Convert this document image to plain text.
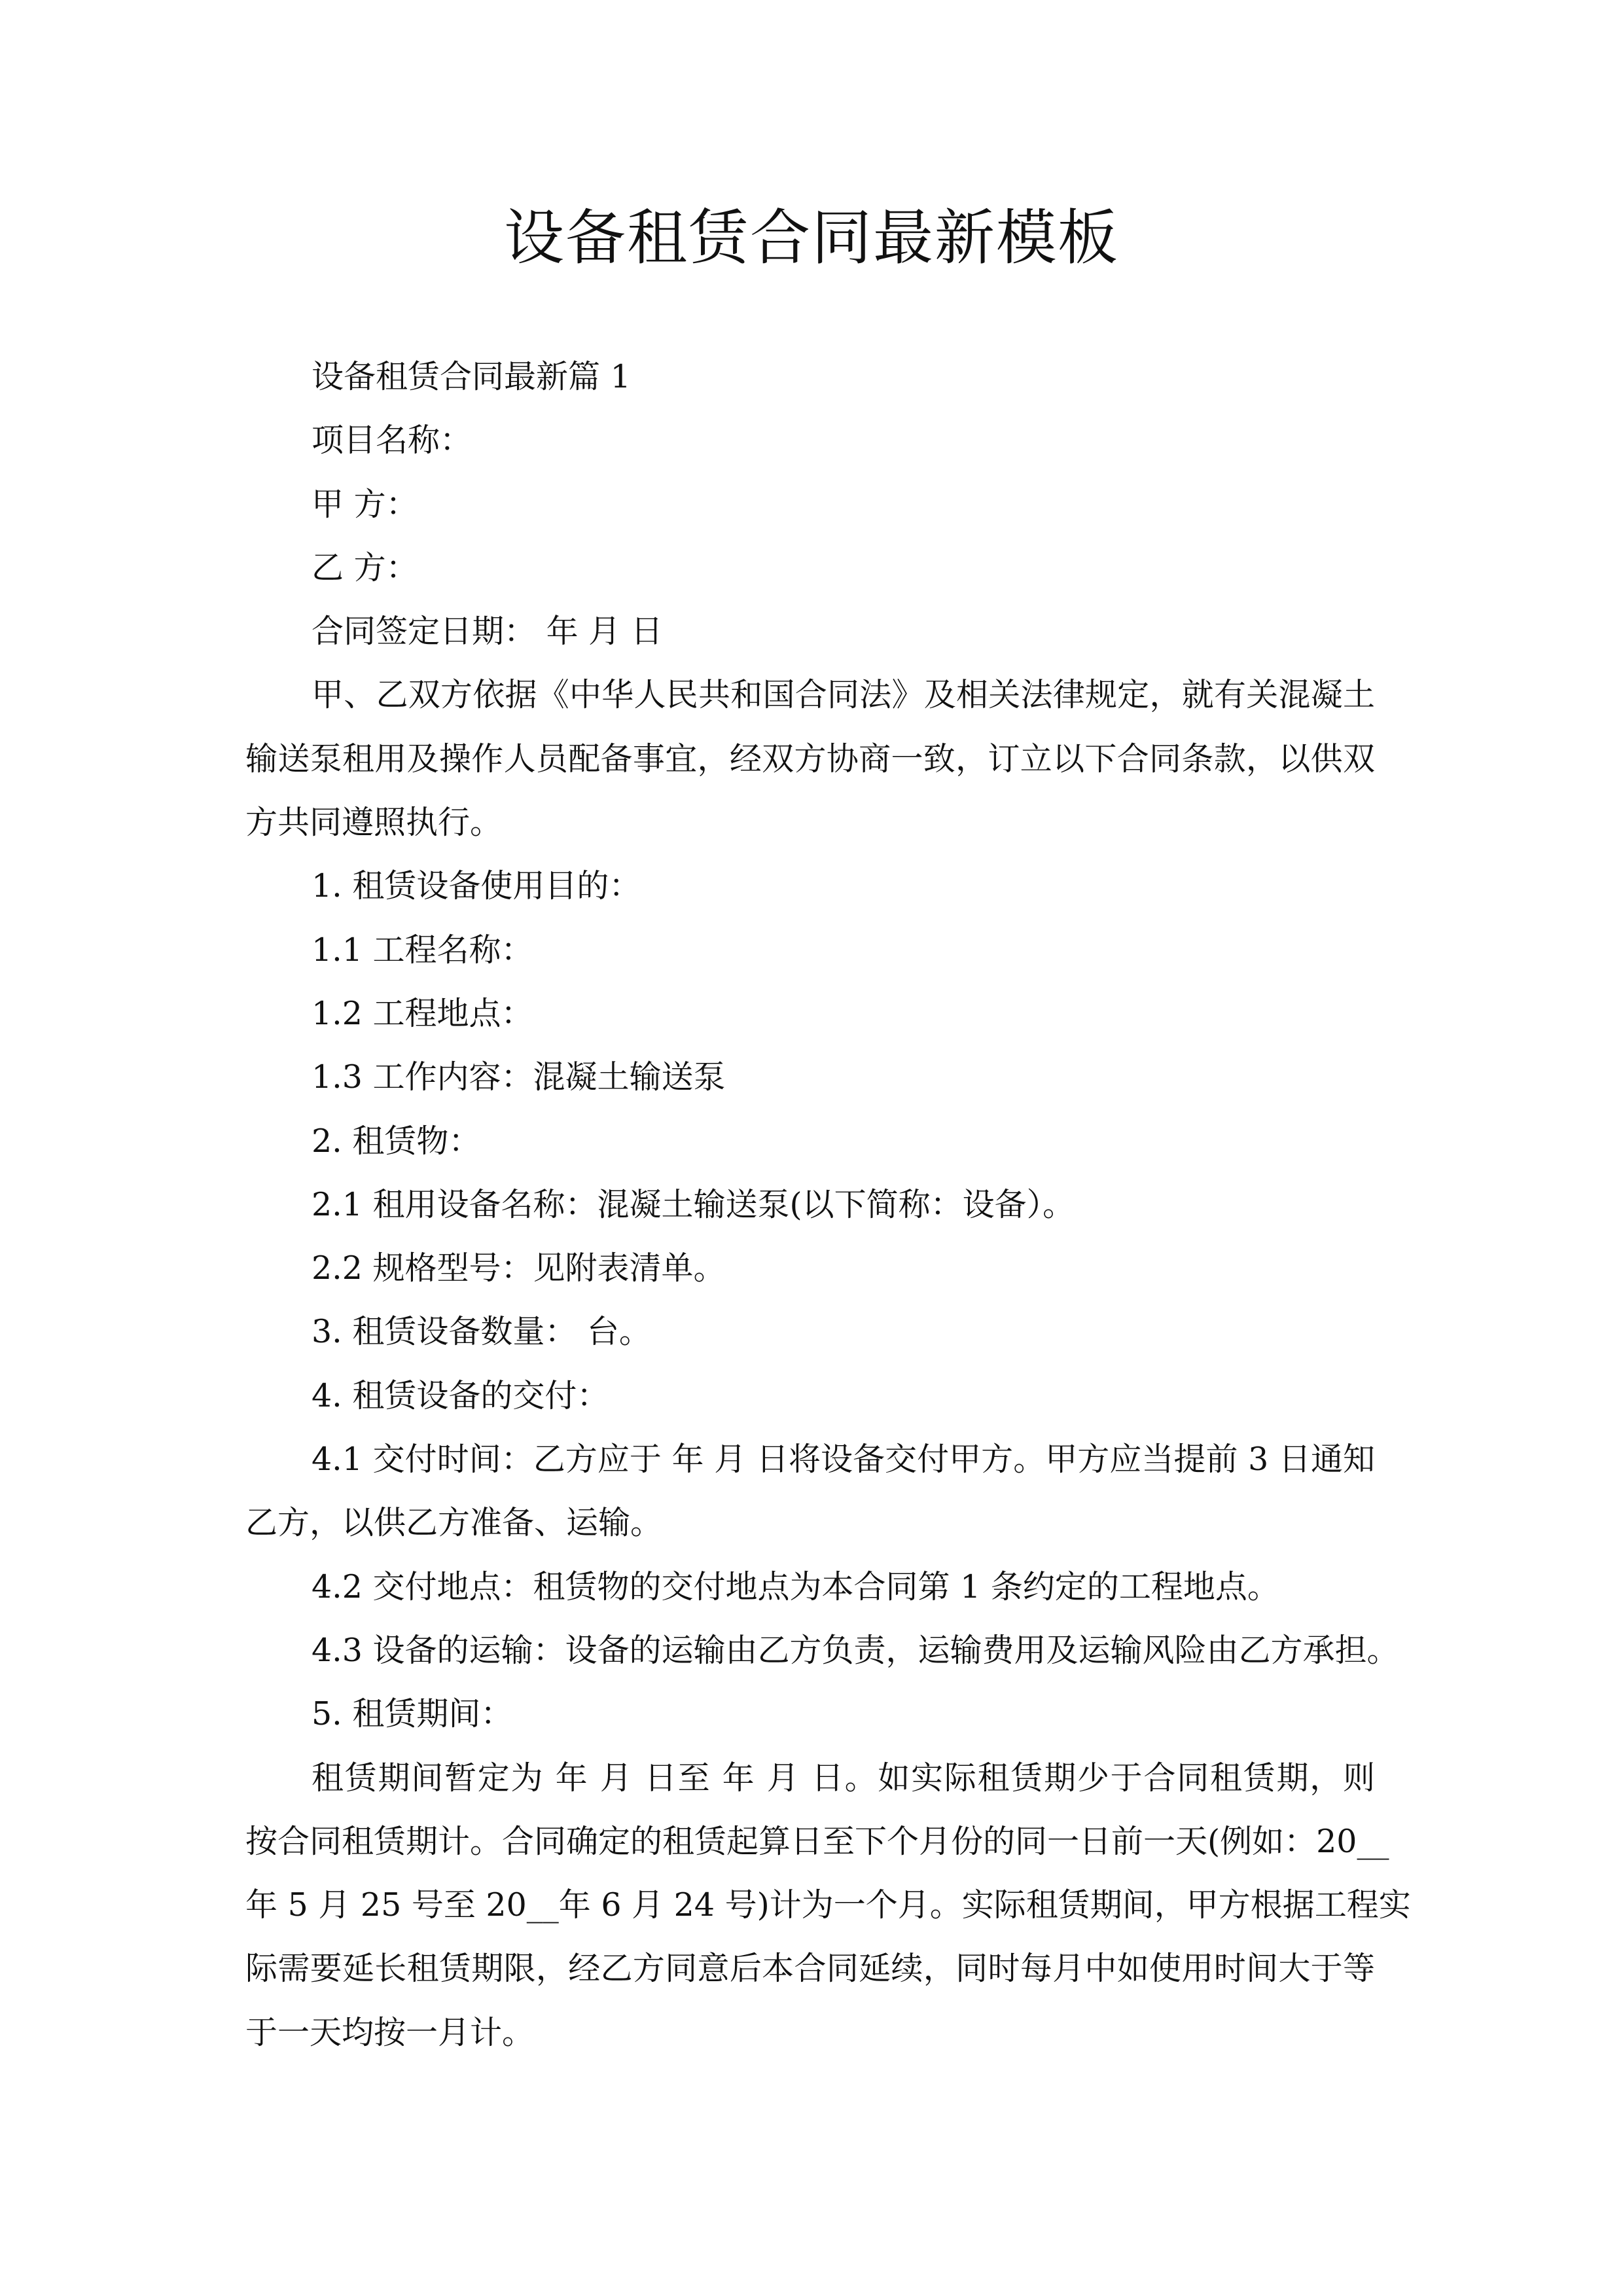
设备租赁合同最新模板
设备租赁合同最新篇 1
项目名称：
甲 方：
乙 方：
合同签定日期： 年 月 日
甲、乙双方依据《中华人民共和国合同法》及相关法律规定，就有关混凝土
输送泵租用及操作人员配备事宜，经双方协商一致，订立以下合同条款，以供双
方共同遵照执行。
1. 租赁设备使用目的：
1.1 工程名称：
1.2 工程地点：
1.3 工作内容：混凝土输送泵
2. 租赁物：
2.1 租用设备名称：混凝土输送泵(以下简称：设备）。
2.2 规格型号：见附表清单。
3. 租赁设备数量： 台。
4. 租赁设备的交付：
4.1 交付时间：乙方应于 年 月 日将设备交付甲方。甲方应当提前 3 日通知
乙方，以供乙方准备、运输。
4.2 交付地点：租赁物的交付地点为本合同第 1 条约定的工程地点。
4.3 设备的运输：设备的运输由乙方负责，运输费用及运输风险由乙方承担。
5. 租赁期间：
租赁期间暂定为 年 月 日至 年 月 日。如实际租赁期少于合同租赁期，则
按合同租赁期计。合同确定的租赁起算日至下个月份的同一日前一天(例如：20__
年 5 月 25 号至 20__年 6 月 24 号)计为一个月。实际租赁期间，甲方根据工程实
际需要延长租赁期限，经乙方同意后本合同延续，同时每月中如使用时间大于等
于一天均按一月计。
